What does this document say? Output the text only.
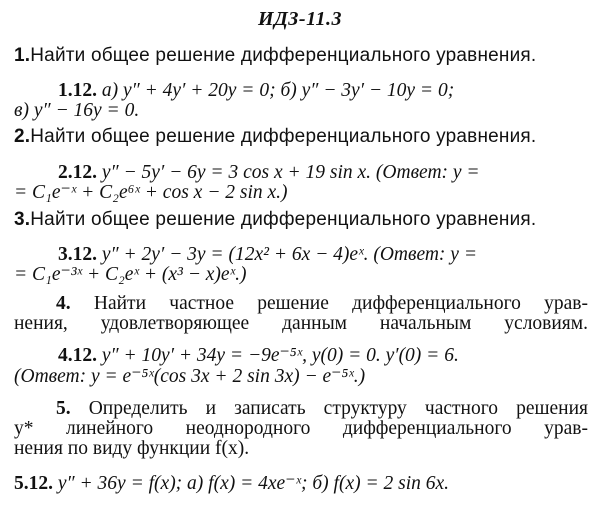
ИДЗ-11.3
1.Найти общее решение дифференциального уравнения.
1.12. а) y″ + 4y′ + 20y = 0; б) y″ − 3y′ − 10y = 0;
в) y″ − 16y = 0.
2.Найти общее решение дифференциального уравнения.
2.12. y″ − 5y′ − 6y = 3 cos x + 19 sin x. (Ответ: y =
= C₁e⁻ˣ + C₂e⁶ˣ + cos x − 2 sin x.)
3.Найти общее решение дифференциального уравнения.
3.12. y″ + 2y′ − 3y = (12x² + 6x − 4)eˣ. (Ответ: y =
= C₁e⁻³ˣ + C₂eˣ + (x³ − x)eˣ.)
4. Найти частное решение дифференциального урав-
нения, удовлетворяющее данным начальным условиям.
4.12. y″ + 10y′ + 34y = −9e⁻⁵ˣ, y(0) = 0. y′(0) = 6.
(Ответ: y = e⁻⁵ˣ(cos 3x + 2 sin 3x) − e⁻⁵ˣ.)
5. Определить и записать структуру частного решения
y* линейного неоднородного дифференциального урав-
нения по виду функции f(x).
5.12. y″ + 36y = f(x); а) f(x) = 4xe⁻ˣ; б) f(x) = 2 sin 6x.
